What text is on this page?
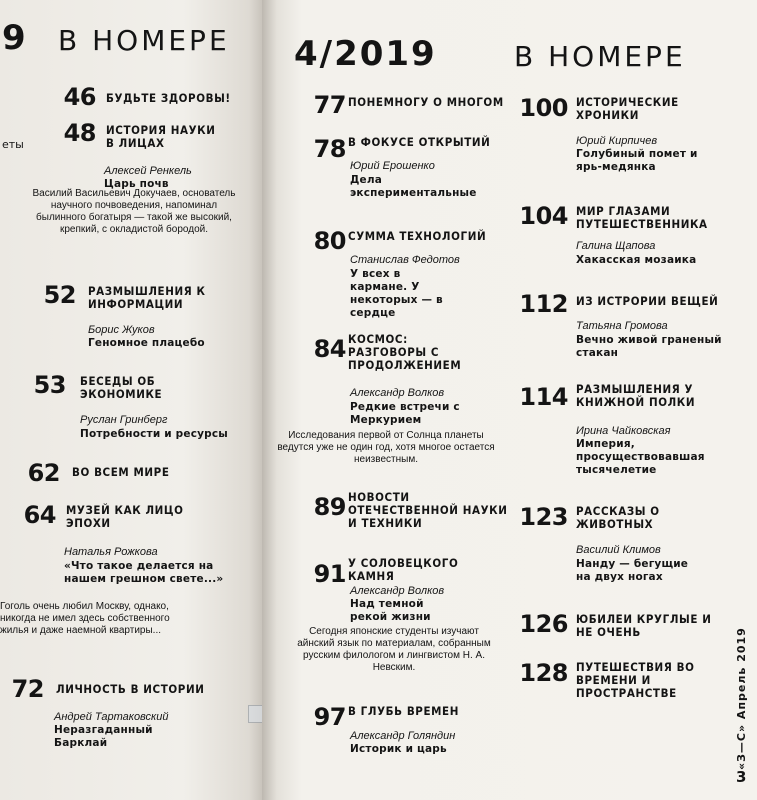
9 В НОМЕРЕ
еты
46 БУДЬТЕ ЗДОРОВЫ!
48 ИСТОРИЯ НАУКИ В ЛИЦАХ
Алексей Ренкель
Царь почв
Василий Васильевич Докучаев, основатель научного почвоведения, напоминал былинного богатыря — такой же высокий, крепкий, с окладистой бородой.
52 РАЗМЫШЛЕНИЯ К ИНФОРМАЦИИ
Борис Жуков
Геномное плацебо
53 БЕСЕДЫ ОБ ЭКОНОМИКЕ
Руслан Гринберг
Потребности и ресурсы
62 ВО ВСЕМ МИРЕ
64 МУЗЕЙ КАК ЛИЦО ЭПОХИ
Наталья Рожкова
«Что такое делается на нашем грешном свете...»
Гоголь очень любил Москву, однако, никогда не имел здесь собственного жилья и даже наемной квартиры...
72 ЛИЧНОСТЬ В ИСТОРИИ
Андрей Тартаковский
Неразгаданный Барклай
4/2019	В НОМЕРЕ
77 ПОНЕМНОГУ О МНОГОМ
78 В ФОКУСЕ ОТКРЫТИЙ
Юрий Ерошенко
Дела экспериментальные
80 СУММА ТЕХНОЛОГИЙ
Станислав Федотов
У всех в кармане. У некоторых — в сердце
84 КОСМОС: РАЗГОВОРЫ С ПРОДОЛЖЕНИЕМ
Александр Волков
Редкие встречи с Меркурием
Исследования первой от Солнца планеты ведутся уже не один год, хотя многое остается неизвестным.
89 НОВОСТИ ОТЕЧЕСТВЕННОЙ НАУКИ И ТЕХНИКИ
91 У СОЛОВЕЦКОГО КАМНЯ
Александр Волков
Над темной рекой жизни
Сегодня японские студенты изучают айнский язык по материалам, собранным русским филологом и лингвистом Н. А. Невским.
97 В ГЛУБЬ ВРЕМЕН
Александр Голяндин
Историк и царь
100 ИСТОРИЧЕСКИЕ ХРОНИКИ
Юрий Кирпичев
Голубиный помет и ярь-медянка
104 МИР ГЛАЗАМИ ПУТЕШЕСТВЕННИКА
Галина Щапова
Хакасская мозаика
112 ИЗ ИСТРОРИИ ВЕЩЕЙ
Татьяна Громова
Вечно живой граненый стакан
114 РАЗМЫШЛЕНИЯ У КНИЖНОЙ ПОЛКИ
Ирина Чайковская
Империя, просуществовавшая тысячелетие
123 РАССКАЗЫ О ЖИВОТНЫХ
Василий Климов
Нанду — бегущие на двух ногах
126 ЮБИЛЕИ КРУГЛЫЕ И НЕ ОЧЕНЬ
128 ПУТЕШЕСТВИЯ ВО ВРЕМЕНИ И ПРОСТРАНСТВЕ	«З—С» Апрель 2019
3
